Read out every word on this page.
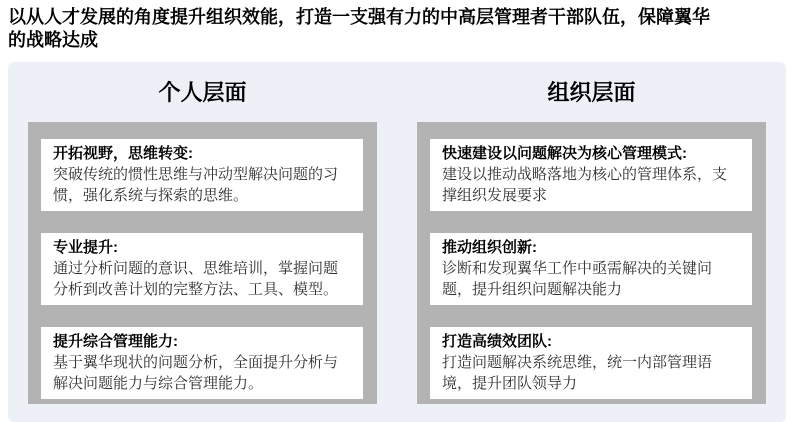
以从人才发展的角度提升组织效能，打造一支强有力的中高层管理者干部队伍，保障翼华
的战略达成
个人层面
开拓视野，思维转变:
突破传统的惯性思维与冲动型解决问题的习惯，强化系统与探索的思维。
专业提升:
通过分析问题的意识、思维培训，掌握问题分析到改善计划的完整方法、工具、模型。
提升综合管理能力:
基于翼华现状的问题分析，全面提升分析与解决问题能力与综合管理能力。
组织层面
快速建设以问题解决为核心管理模式:
建设以推动战略落地为核心的管理体系，支撑组织发展要求
推动组织创新:
诊断和发现翼华工作中亟需解决的关键问题，提升组织问题解决能力
打造高绩效团队:
打造问题解决系统思维，统一内部管理语境，提升团队领导力
